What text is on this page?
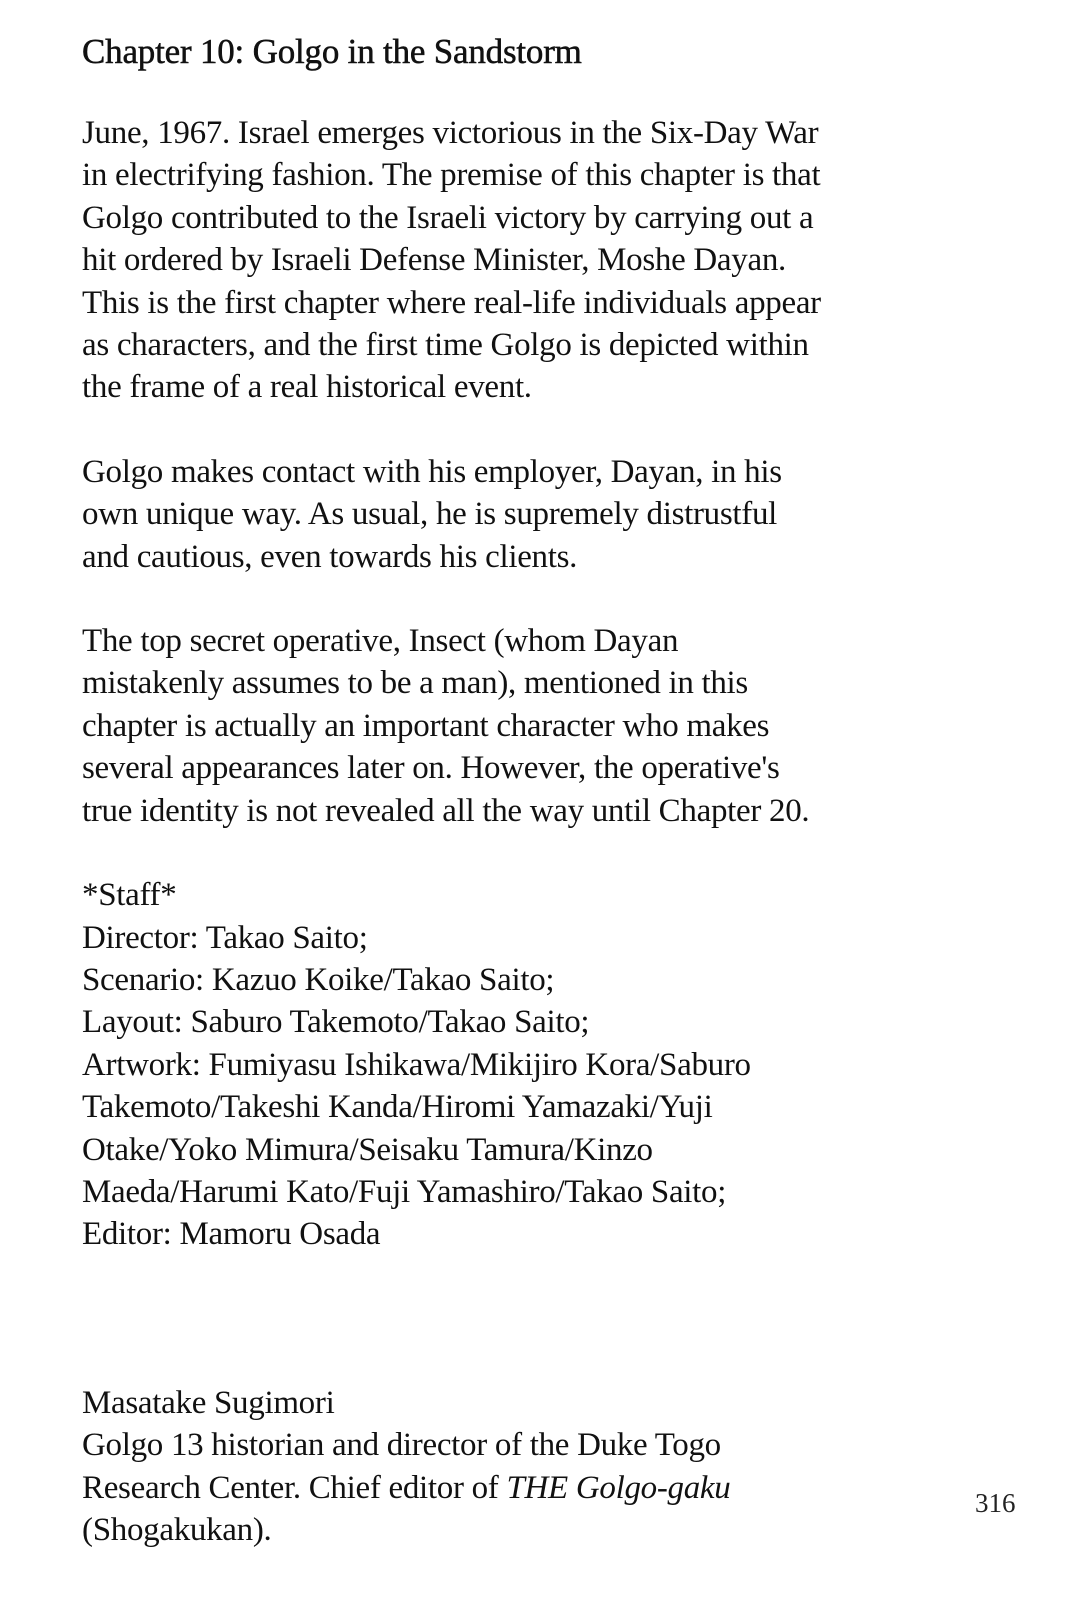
Chapter 10: Golgo in the Sandstorm
June, 1967. Israel emerges victorious in the Six-Day War
in electrifying fashion. The premise of this chapter is that
Golgo contributed to the Israeli victory by carrying out a
hit ordered by Israeli Defense Minister, Moshe Dayan.
This is the first chapter where real-life individuals appear
as characters, and the first time Golgo is depicted within
the frame of a real historical event.
Golgo makes contact with his employer, Dayan, in his
own unique way. As usual, he is supremely distrustful
and cautious, even towards his clients.
The top secret operative, Insect (whom Dayan
mistakenly assumes to be a man), mentioned in this
chapter is actually an important character who makes
several appearances later on. However, the operative's
true identity is not revealed all the way until Chapter 20.
*Staff*
Director: Takao Saito;
Scenario: Kazuo Koike/Takao Saito;
Layout: Saburo Takemoto/Takao Saito;
Artwork: Fumiyasu Ishikawa/Mikijiro Kora/Saburo
Takemoto/Takeshi Kanda/Hiromi Yamazaki/Yuji
Otake/Yoko Mimura/Seisaku Tamura/Kinzo
Maeda/Harumi Kato/Fuji Yamashiro/Takao Saito;
Editor: Mamoru Osada
Masatake Sugimori
Golgo 13 historian and director of the Duke Togo
Research Center. Chief editor of THE Golgo-gaku
(Shogakukan).
316
